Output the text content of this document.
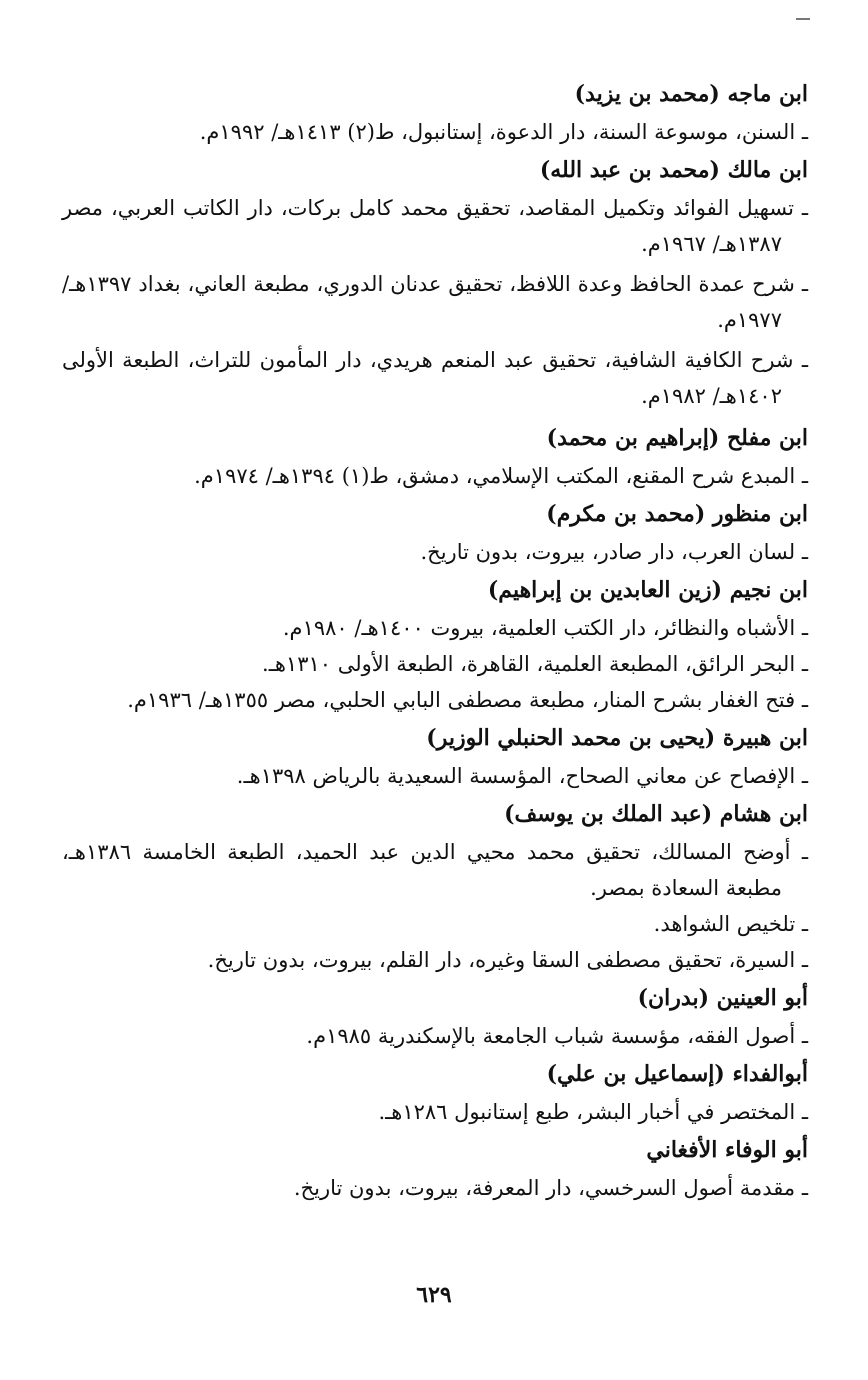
ابن ماجه (محمد بن يزيد)

ـ السنن، موسوعة السنة، دار الدعوة، إستانبول، ط(٢) ١٤١٣هـ/ ١٩٩٢م.

ابن مالك (محمد بن عبد الله)

ـ تسهيل الفوائد وتكميل المقاصد، تحقيق محمد كامل بركات، دار الكاتب العربي، مصر ١٣٨٧هـ/ ١٩٦٧م.

ـ شرح عمدة الحافظ وعدة اللافظ، تحقيق عدنان الدوري، مطبعة العاني، بغداد ١٣٩٧هـ/ ١٩٧٧م.

ـ شرح الكافية الشافية، تحقيق عبد المنعم هريدي، دار المأمون للتراث، الطبعة الأولى ١٤٠٢هـ/ ١٩٨٢م.

ابن مفلح (إبراهيم بن محمد)

ـ المبدع شرح المقنع، المكتب الإسلامي، دمشق، ط(١) ١٣٩٤هـ/ ١٩٧٤م.

ابن منظور (محمد بن مكرم)

ـ لسان العرب، دار صادر، بيروت، بدون تاريخ.

ابن نجيم (زين العابدين بن إبراهيم)

ـ الأشباه والنظائر، دار الكتب العلمية، بيروت ١٤٠٠هـ/ ١٩٨٠م.

ـ البحر الرائق، المطبعة العلمية، القاهرة، الطبعة الأولى ١٣١٠هـ.

ـ فتح الغفار بشرح المنار، مطبعة مصطفى البابي الحلبي، مصر ١٣٥٥هـ/ ١٩٣٦م.

ابن هبيرة (يحيى بن محمد الحنبلي الوزير)

ـ الإفصاح عن معاني الصحاح، المؤسسة السعيدية بالرياض ١٣٩٨هـ.

ابن هشام (عبد الملك بن يوسف)

ـ أوضح المسالك، تحقيق محمد محيي الدين عبد الحميد، الطبعة الخامسة ١٣٨٦هـ، مطبعة السعادة بمصر.

ـ تلخيص الشواهد.

ـ السيرة، تحقيق مصطفى السقا وغيره، دار القلم، بيروت، بدون تاريخ.

أبو العينين (بدران)

ـ أصول الفقه، مؤسسة شباب الجامعة بالإسكندرية ١٩٨٥م.

أبوالفداء (إسماعيل بن علي)

ـ المختصر في أخبار البشر، طبع إستانبول ١٢٨٦هـ.

أبو الوفاء الأفغاني

ـ مقدمة أصول السرخسي، دار المعرفة، بيروت، بدون تاريخ.

٦٢٩
